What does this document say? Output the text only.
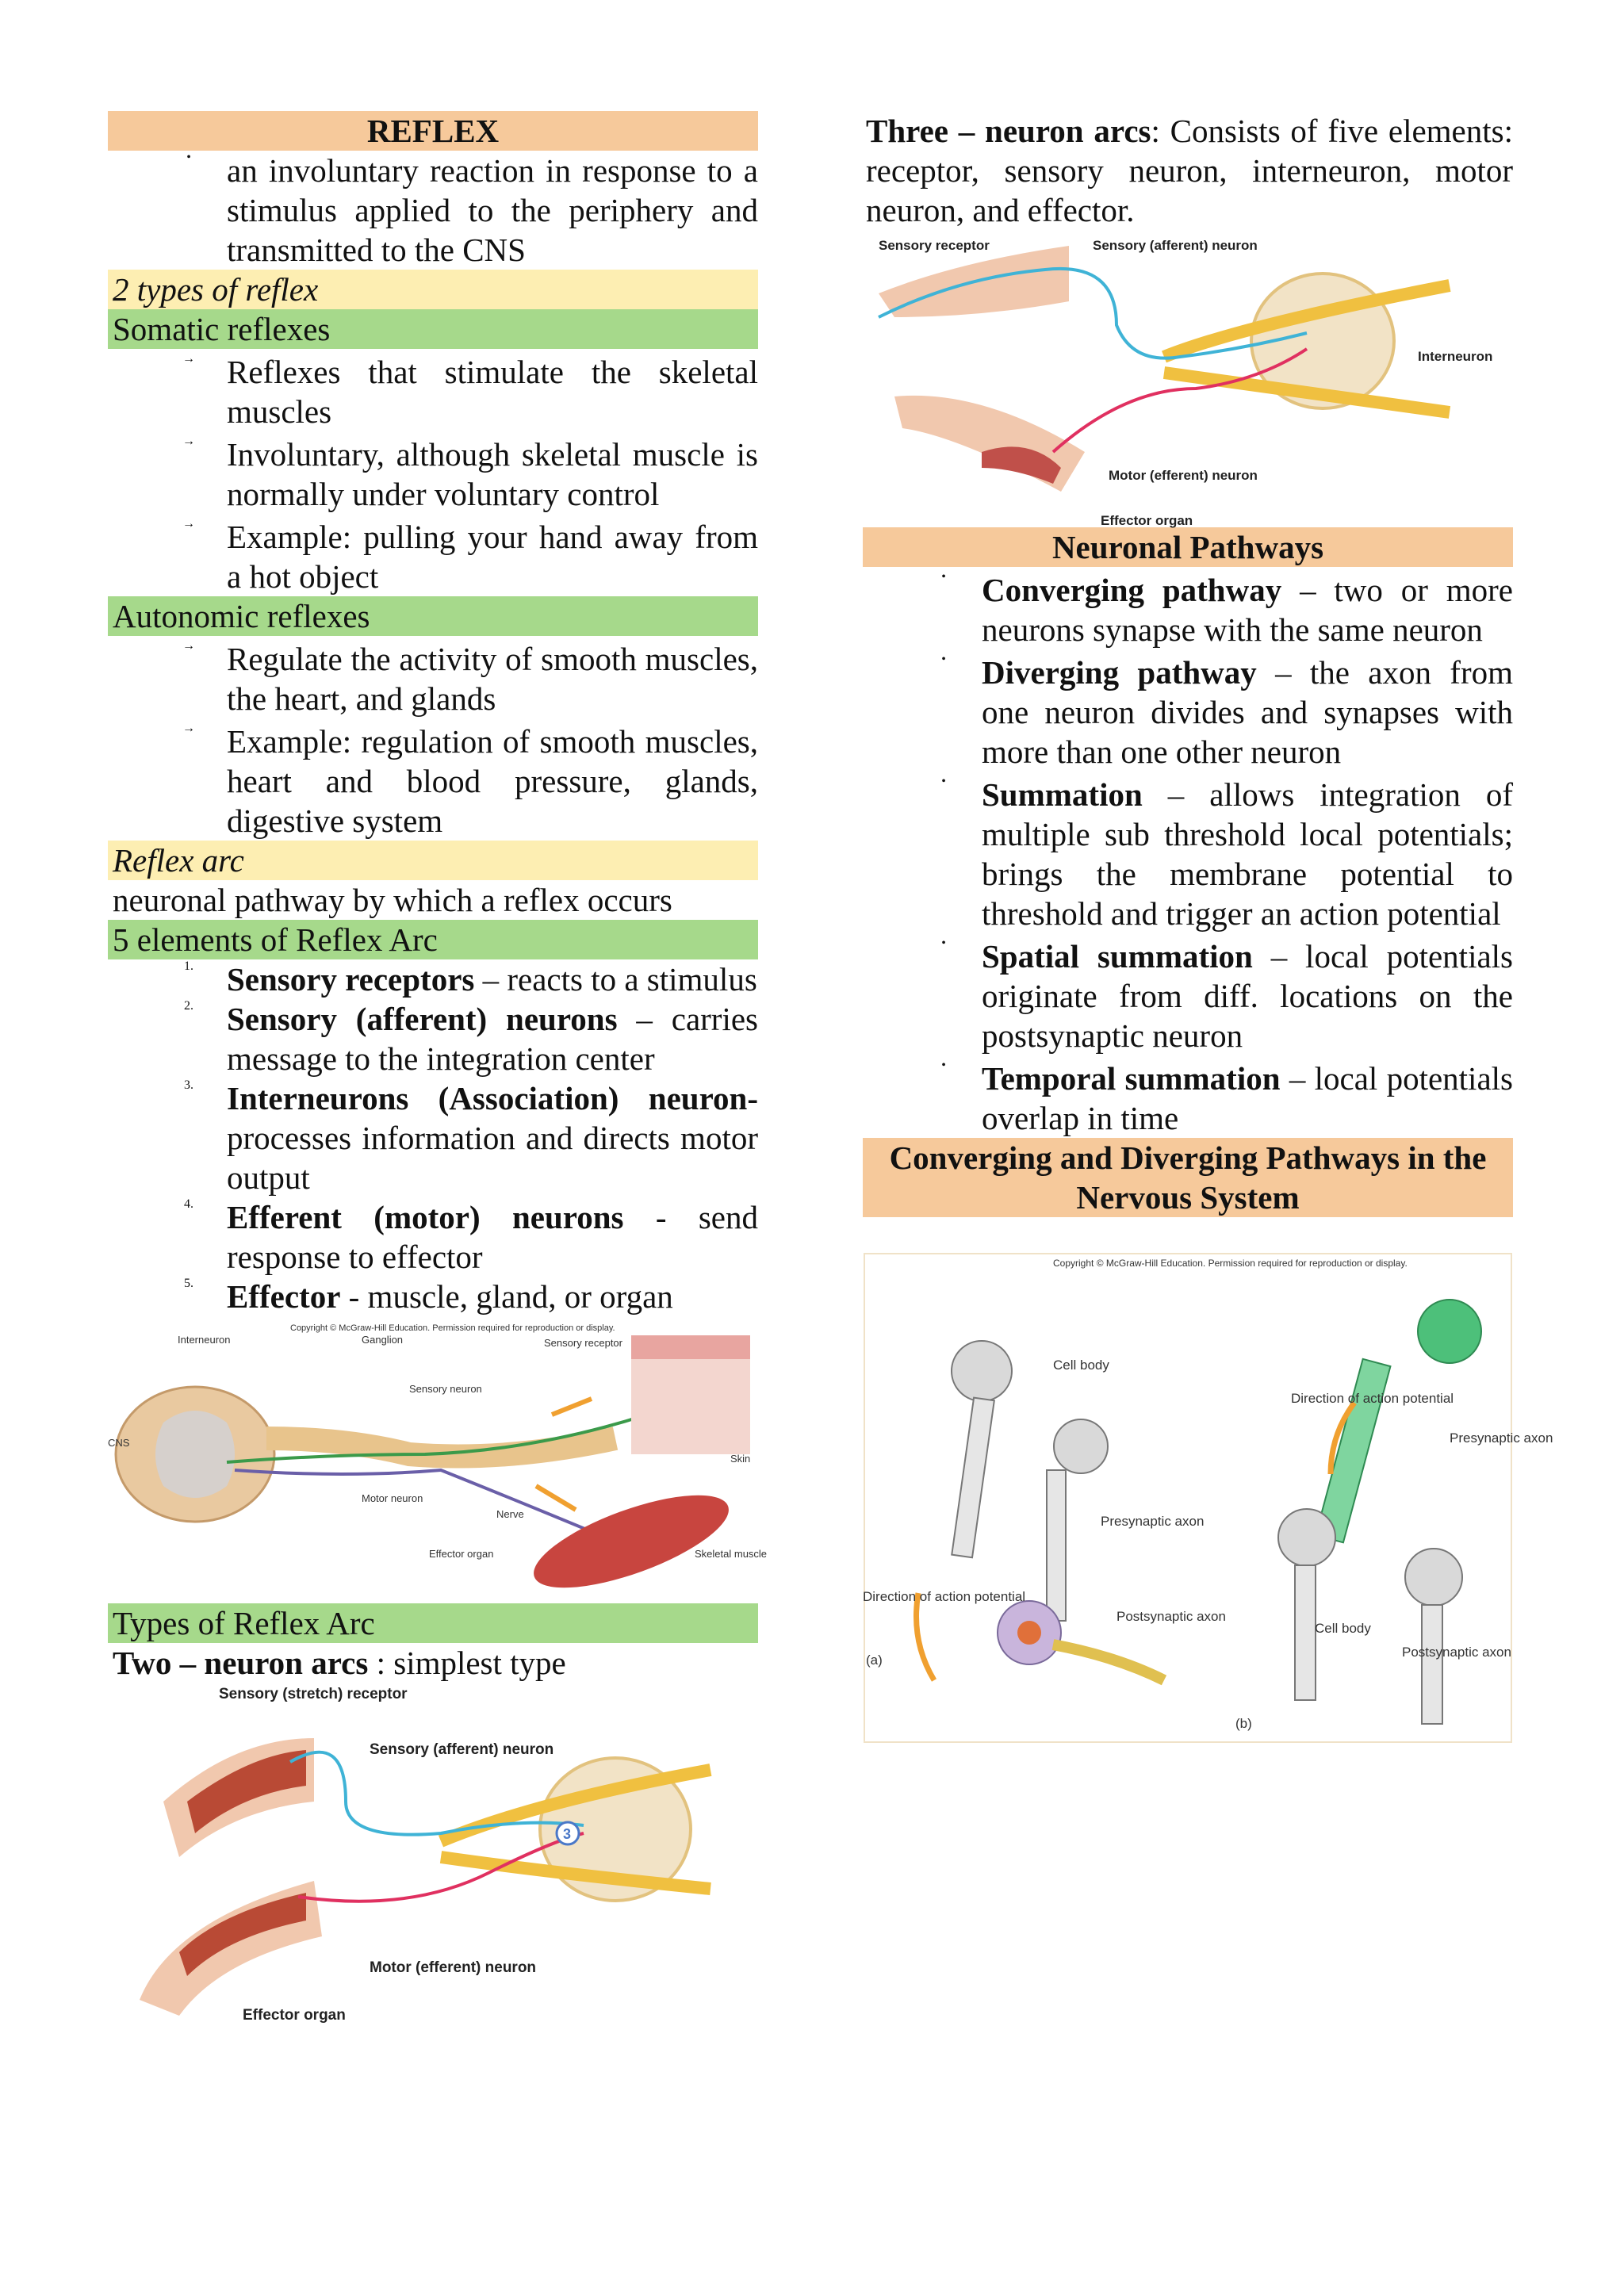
REFLEX
•	an involuntary reaction in response to a stimulus applied to the periphery and transmitted to the CNS

2 types of reflex
Somatic reflexes
→ Reflexes that stimulate the skeletal muscles

→ Involuntary, although skeletal muscle is normally under voluntary control

→ Example: pulling your hand away from a hot object

Autonomic reflexes
→ Regulate the activity of smooth muscles, the heart, and glands

→ Example: regulation of smooth muscles, heart and blood pressure, glands, digestive system

Reflex arc
neuronal pathway by which a reflex occurs
5 elements of Reflex Arc
1.	Sensory receptors – reacts to a stimulus

2.	Sensory (afferent) neurons – carries message to the integration center

3.	Interneurons (Association) neuron- processes information and directs motor output

4.	Efferent (motor) neurons - send response to effector

5.	Effector - muscle, gland, or organ

Copyright © McGraw-Hill Education. Permission required for reproduction or display.
Interneuron	Ganglion	Sensory receptor
Sensory neuron
CNS
Skin
Motor neuron
Nerve
Effector organ	Skeletal muscle
Types of Reflex Arc
Two – neuron arcs : simplest type
3
Sensory (stretch) receptor
Sensory (afferent) neuron
Motor (efferent) neuron
Effector organ

Three – neuron arcs: Consists of five elements: receptor, sensory neuron, interneuron, motor neuron, and effector.

Sensory receptor	Sensory (afferent) neuron
Interneuron
Motor (efferent) neuron
Effector organ
Neuronal Pathways
•	Converging pathway – two or more neurons synapse with the same neuron

•	Diverging pathway – the axon from one neuron divides and synapses with more than one other neuron

•	Summation – allows integration of multiple sub threshold local potentials; brings the membrane potential to threshold and trigger an action potential

•	Spatial summation – local potentials originate from diff. locations on the postsynaptic neuron

•	Temporal summation – local potentials overlap in time

Converging and Diverging Pathways in the Nervous System
Copyright © McGraw-Hill Education. Permission required for reproduction or display.
Cell body
Presynaptic axon
Direction of action potential
Postsynaptic axon
(a)
Direction of action potential
Presynaptic axon
Cell body
Postsynaptic axon
(b)
